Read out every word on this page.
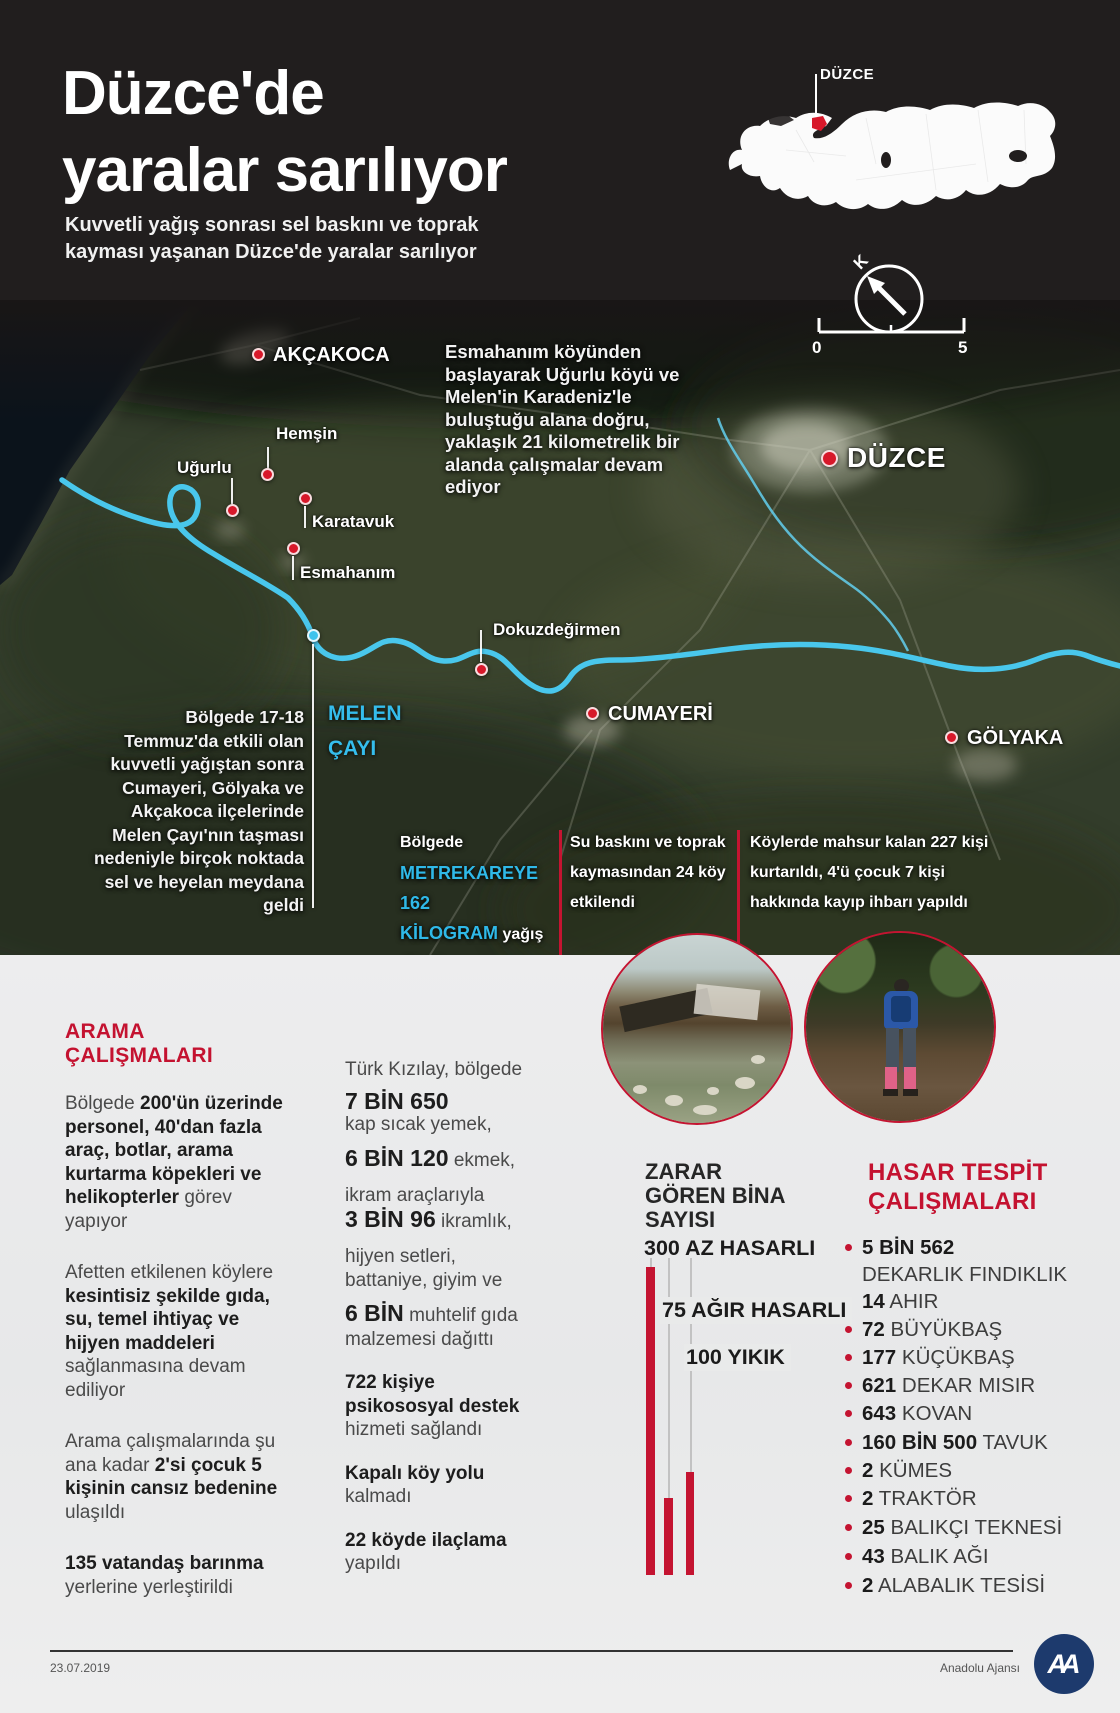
Düzce'de
yaralar sarılıyor
Kuvvetli yağış sonrası sel baskını ve toprak kayması yaşanan Düzce'de yaralar sarılıyor
DÜZCE
K
0	5
AKÇAKOCA
Hemşin
Uğurlu
Karatavuk
Esmahanım
Dokuzdeğirmen
CUMAYERİ
GÖLYAKA
DÜZCE
MELEN
ÇAYI
Esmahanım köyünden başlayarak Uğurlu köyü ve Melen'in Karadeniz'le buluştuğu alana doğru, yaklaşık 21 kilometrelik bir alanda çalışmalar devam ediyor
Bölgede 17-18 Temmuz'da etkili olan kuvvetli yağıştan sonra Cumayeri, Gölyaka ve Akçakoca ilçelerinde Melen Çayı'nın taşması nedeniyle birçok noktada sel ve heyelan meydana geldi
Bölgede
METREKAREYE 162
KİLOGRAM yağış
Su baskını ve toprak kaymasından 24 köy etkilendi
Köylerde mahsur kalan 227 kişi kurtarıldı, 4'ü çocuk 7 kişi hakkında kayıp ihbarı yapıldı
ARAMA ÇALIŞMALARI
Bölgede 200'ün üzerinde personel, 40'dan fazla araç, botlar, arama kurtarma köpekleri ve helikopterler görev yapıyor
Afetten etkilenen köylere kesintisiz şekilde gıda, su, temel ihtiyaç ve hijyen maddeleri sağlanmasına devam ediliyor
Arama çalışmalarında şu ana kadar 2'si çocuk 5 kişinin cansız bedenine ulaşıldı
135 vatandaş barınma yerlerine yerleştirildi
Türk Kızılay, bölgede
7 BİN 650
kap sıcak yemek,
6 BİN 120 ekmek,
ikram araçlarıyla
3 BİN 96 ikramlık,
hijyen setleri, battaniye, giyim ve
6 BİN muhtelif gıda malzemesi dağıttı
722 kişiye psikososyal destek hizmeti sağlandı
Kapalı köy yolu kalmadı
22 köyde ilaçlama yapıldı
ZARAR
GÖREN BİNA
SAYISI
300 AZ HASARLI
75 AĞIR HASARLI
100 YIKIK
HASAR TESPİT
ÇALIŞMALARI
5 BİN 562
DEKARLIK FINDIKLIK
14 AHIR
72 BÜYÜKBAŞ
177 KÜÇÜKBAŞ
621 DEKAR MISIR
643 KOVAN
160 BİN 500 TAVUK
2 KÜMES
2 TRAKTÖR
25 BALIKÇI TEKNESİ
43 BALIK AĞI
2 ALABALIK TESİSİ
23.07.2019	Anadolu Ajansı AA
